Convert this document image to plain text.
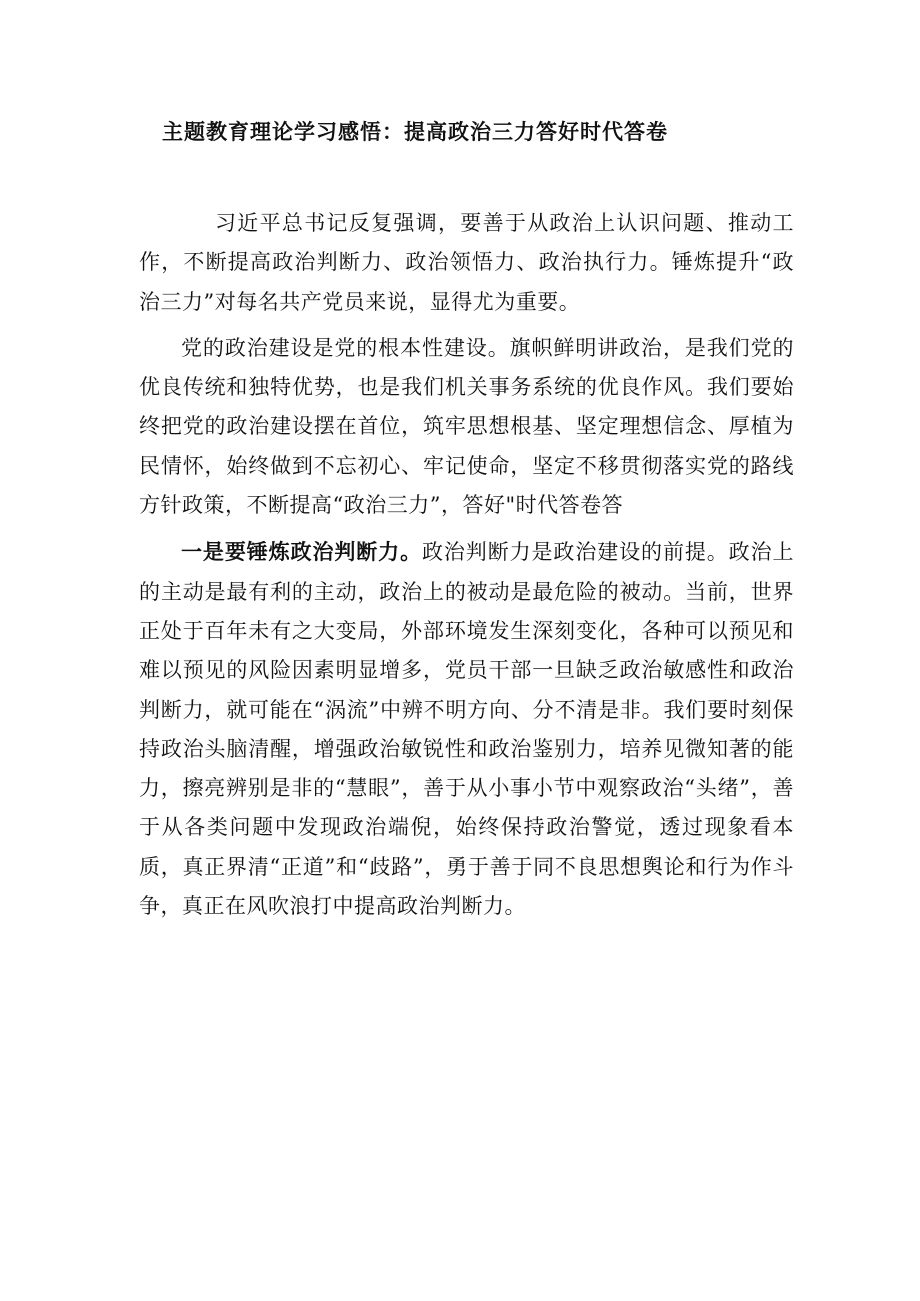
主题教育理论学习感悟：提高政治三力答好时代答卷

习近平总书记反复强调，要善于从政治上认识问题、推动工作，不断提高政治判断力、政治领悟力、政治执行力。锤炼提升“政治三力”对每名共产党员来说，显得尤为重要。

党的政治建设是党的根本性建设。旗帜鲜明讲政治，是我们党的优良传统和独特优势，也是我们机关事务系统的优良作风。我们要始终把党的政治建设摆在首位，筑牢思想根基、坚定理想信念、厚植为民情怀，始终做到不忘初心、牢记使命，坚定不移贯彻落实党的路线方针政策，不断提高“政治三力”，答好"时代答卷答

一是要锤炼政治判断力。政治判断力是政治建设的前提。政治上的主动是最有利的主动，政治上的被动是最危险的被动。当前，世界正处于百年未有之大变局，外部环境发生深刻变化，各种可以预见和难以预见的风险因素明显增多，党员干部一旦缺乏政治敏感性和政治判断力，就可能在“涡流”中辨不明方向、分不清是非。我们要时刻保持政治头脑清醒，增强政治敏锐性和政治鉴别力，培养见微知著的能力，擦亮辨别是非的“慧眼”，善于从小事小节中观察政治“头绪”，善于从各类问题中发现政治端倪，始终保持政治警觉，透过现象看本质，真正界清“正道”和“歧路”，勇于善于同不良思想舆论和行为作斗争，真正在风吹浪打中提高政治判断力。
